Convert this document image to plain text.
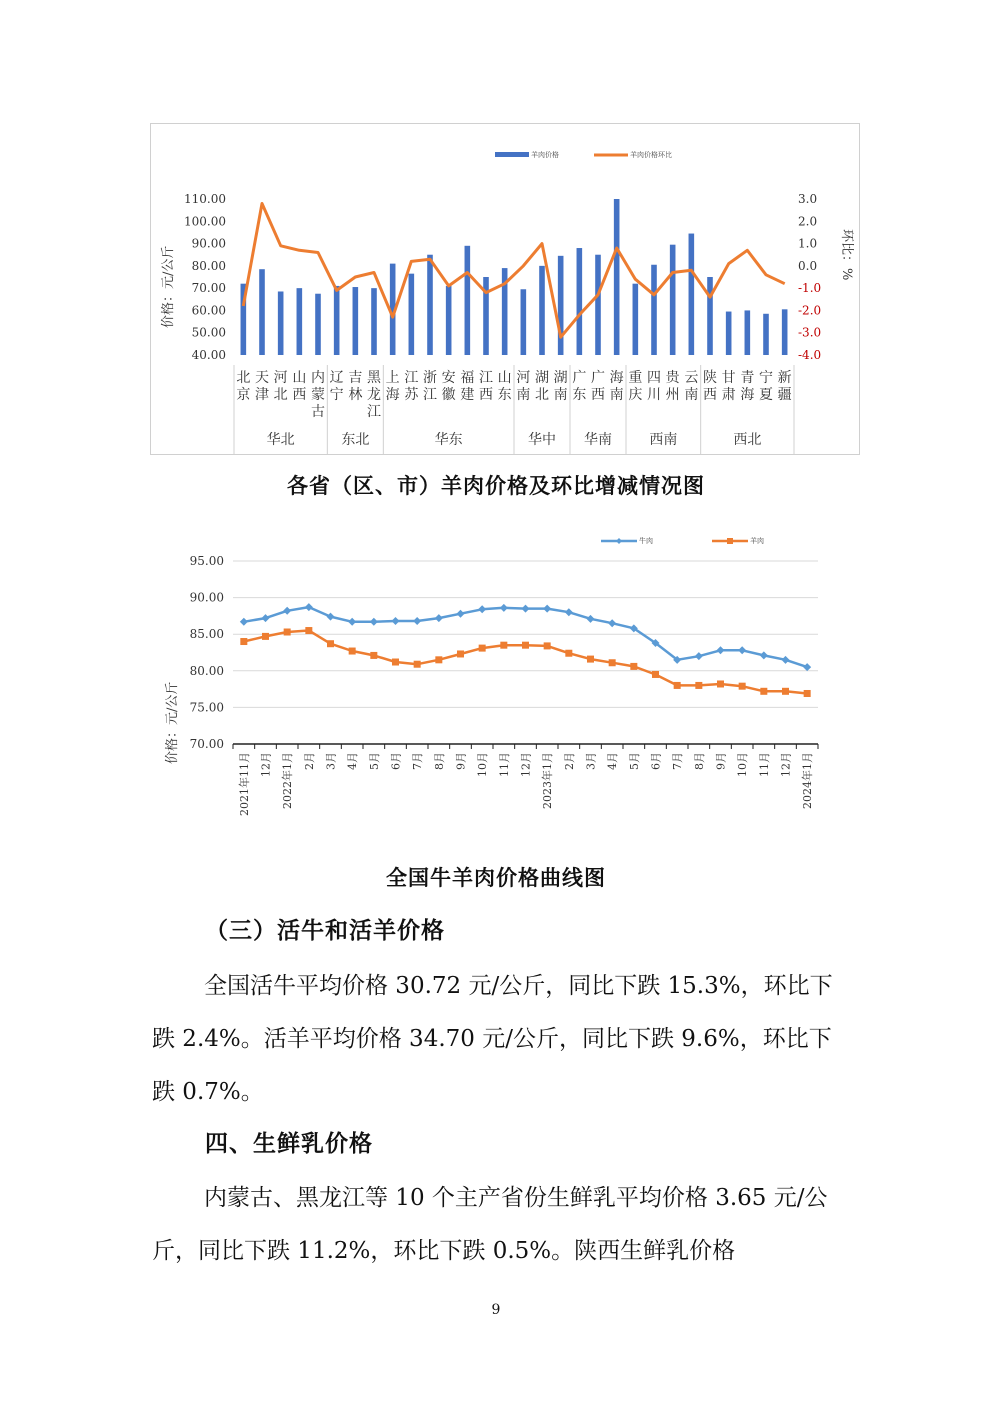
羊肉价格	羊肉价格环比
价格：元/公斤	环比：%
110.00
100.00
90.00
80.00
70.00
60.00
50.00
40.00
3.0
2.0
1.0
0.0
-1.0
-2.0
-3.0
-4.0
北
京
天
津
河
北
山
西
内
蒙
古
辽
宁
吉
林
黑
龙
江
上
海
江
苏
浙
江
安
徽
福
建
江
西
山
东
河
南
湖
北
湖
南
广
东
广
西
海
南
重
庆
四
川
贵
州
云
南
陕
西
甘
肃
青
海
宁
夏
新
疆
华北	东北	华东	华中 华南	西南	西北
各省（区、市）羊肉价格及环比增减情况图
牛肉	羊肉
价格：元/公斤
95.00
90.00
85.00
80.00
75.00
70.00
2021年11月 12月 2022年1月 2月 3月 4月 5月 6月 7月 8月 9月 10月 11月 12月 2023年1月 2月 3月 4月 5月 6月 7月 8月 9月 10月 11月 12月 2024年1月
全国牛羊肉价格曲线图
（三）活牛和活羊价格
全国活牛平均价格 30.72 元/公斤，同比下跌 15.3%，环比下跌 2.4%。活羊平均价格 34.70 元/公斤，同比下跌 9.6%，环比下跌 0.7%。
四、生鲜乳价格
内蒙古、黑龙江等 10 个主产省份生鲜乳平均价格 3.65 元/公斤，同比下跌 11.2%，环比下跌 0.5%。陕西生鲜乳价格
9
